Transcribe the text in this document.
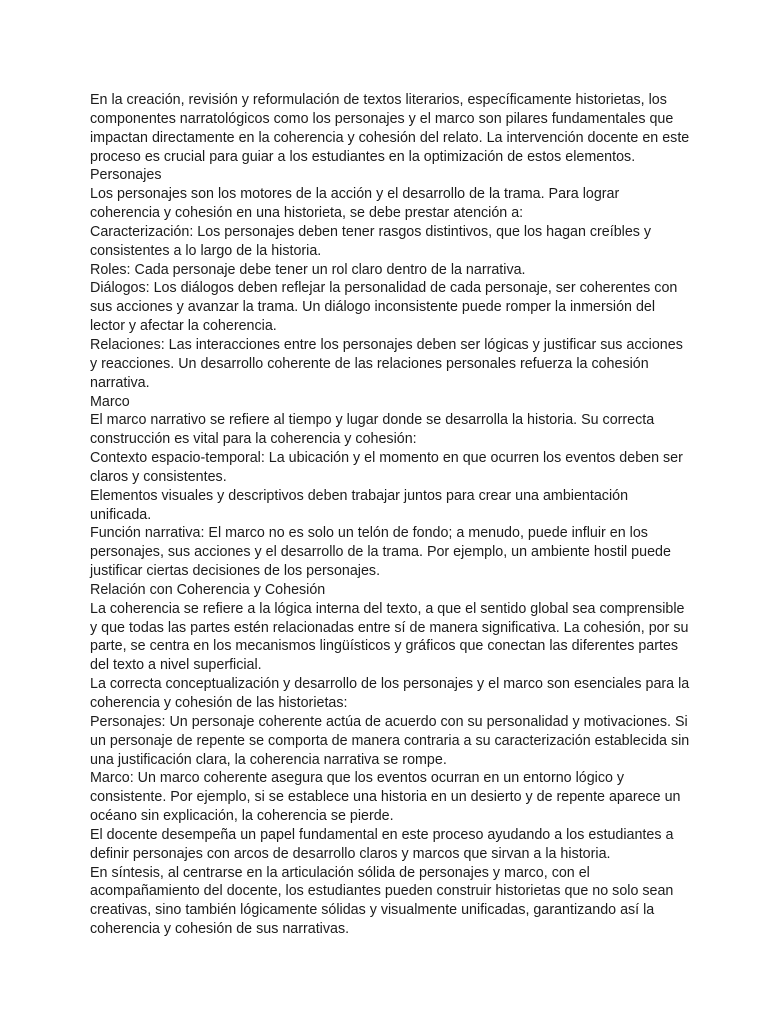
En la creación, revisión y reformulación de textos literarios, específicamente historietas, los componentes narratológicos como los personajes y el marco son pilares fundamentales que impactan directamente en la coherencia y cohesión del relato. La intervención docente en este proceso es crucial para guiar a los estudiantes en la optimización de estos elementos.

Personajes

Los personajes son los motores de la acción y el desarrollo de la trama. Para lograr coherencia y cohesión en una historieta, se debe prestar atención a:

Caracterización: Los personajes deben tener rasgos distintivos, que los hagan creíbles y consistentes a lo largo de la historia.

Roles: Cada personaje debe tener un rol claro dentro de la narrativa.

Diálogos: Los diálogos deben reflejar la personalidad de cada personaje, ser coherentes con sus acciones y avanzar la trama. Un diálogo inconsistente puede romper la inmersión del lector y afectar la coherencia.

Relaciones: Las interacciones entre los personajes deben ser lógicas y justificar sus acciones y reacciones. Un desarrollo coherente de las relaciones personales refuerza la cohesión narrativa.

Marco

El marco narrativo se refiere al tiempo y lugar donde se desarrolla la historia. Su correcta construcción es vital para la coherencia y cohesión:

Contexto espacio-temporal: La ubicación y el momento en que ocurren los eventos deben ser claros y consistentes.

Elementos visuales y descriptivos deben trabajar juntos para crear una ambientación unificada.

Función narrativa: El marco no es solo un telón de fondo; a menudo, puede influir en los personajes, sus acciones y el desarrollo de la trama. Por ejemplo, un ambiente hostil puede justificar ciertas decisiones de los personajes.

Relación con Coherencia y Cohesión

La coherencia se refiere a la lógica interna del texto, a que el sentido global sea comprensible y que todas las partes estén relacionadas entre sí de manera significativa. La cohesión, por su parte, se centra en los mecanismos lingüísticos y gráficos que conectan las diferentes partes del texto a nivel superficial.

La correcta conceptualización y desarrollo de los personajes y el marco son esenciales para la coherencia y cohesión de las historietas:

Personajes: Un personaje coherente actúa de acuerdo con su personalidad y motivaciones. Si un personaje de repente se comporta de manera contraria a su caracterización establecida sin una justificación clara, la coherencia narrativa se rompe.

Marco: Un marco coherente asegura que los eventos ocurran en un entorno lógico y consistente. Por ejemplo, si se establece una historia en un desierto y de repente aparece un océano sin explicación, la coherencia se pierde.

El docente desempeña un papel fundamental en este proceso ayudando a los estudiantes a definir personajes con arcos de desarrollo claros y marcos que sirvan a la historia.

En síntesis, al centrarse en la articulación sólida de personajes y marco, con el acompañamiento del docente, los estudiantes pueden construir historietas que no solo sean creativas, sino también lógicamente sólidas y visualmente unificadas, garantizando así la coherencia y cohesión de sus narrativas.
